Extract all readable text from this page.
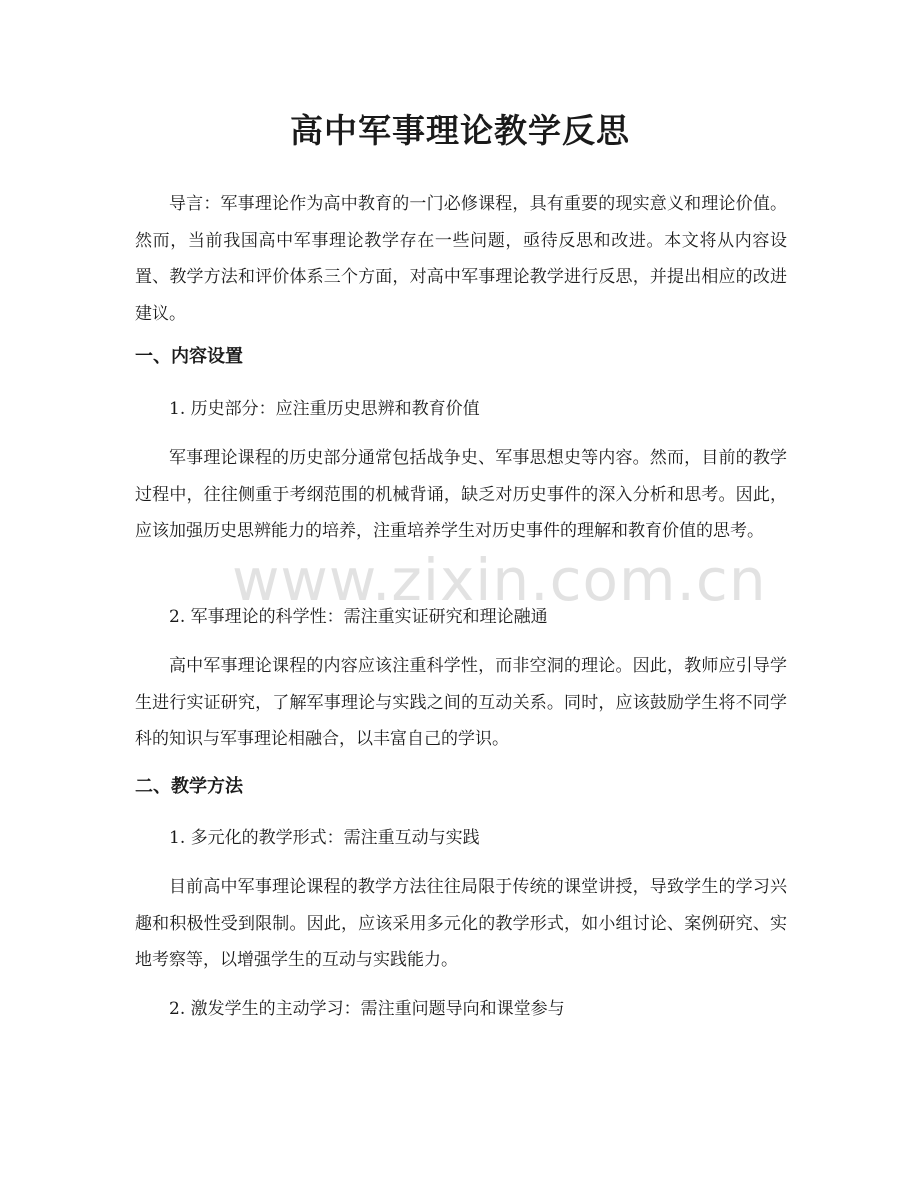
高中军事理论教学反思

导言：军事理论作为高中教育的一门必修课程，具有重要的现实意义和理论价值。然而，当前我国高中军事理论教学存在一些问题，亟待反思和改进。本文将从内容设置、教学方法和评价体系三个方面，对高中军事理论教学进行反思，并提出相应的改进建议。

一、内容设置

1. 历史部分：应注重历史思辨和教育价值

军事理论课程的历史部分通常包括战争史、军事思想史等内容。然而，目前的教学过程中，往往侧重于考纲范围的机械背诵，缺乏对历史事件的深入分析和思考。因此，应该加强历史思辨能力的培养，注重培养学生对历史事件的理解和教育价值的思考。

2. 军事理论的科学性：需注重实证研究和理论融通

高中军事理论课程的内容应该注重科学性，而非空洞的理论。因此，教师应引导学生进行实证研究，了解军事理论与实践之间的互动关系。同时，应该鼓励学生将不同学科的知识与军事理论相融合，以丰富自己的学识。

二、教学方法

1. 多元化的教学形式：需注重互动与实践

目前高中军事理论课程的教学方法往往局限于传统的课堂讲授，导致学生的学习兴趣和积极性受到限制。因此，应该采用多元化的教学形式，如小组讨论、案例研究、实地考察等，以增强学生的互动与实践能力。

2. 激发学生的主动学习：需注重问题导向和课堂参与

www.zixin.com.cn
